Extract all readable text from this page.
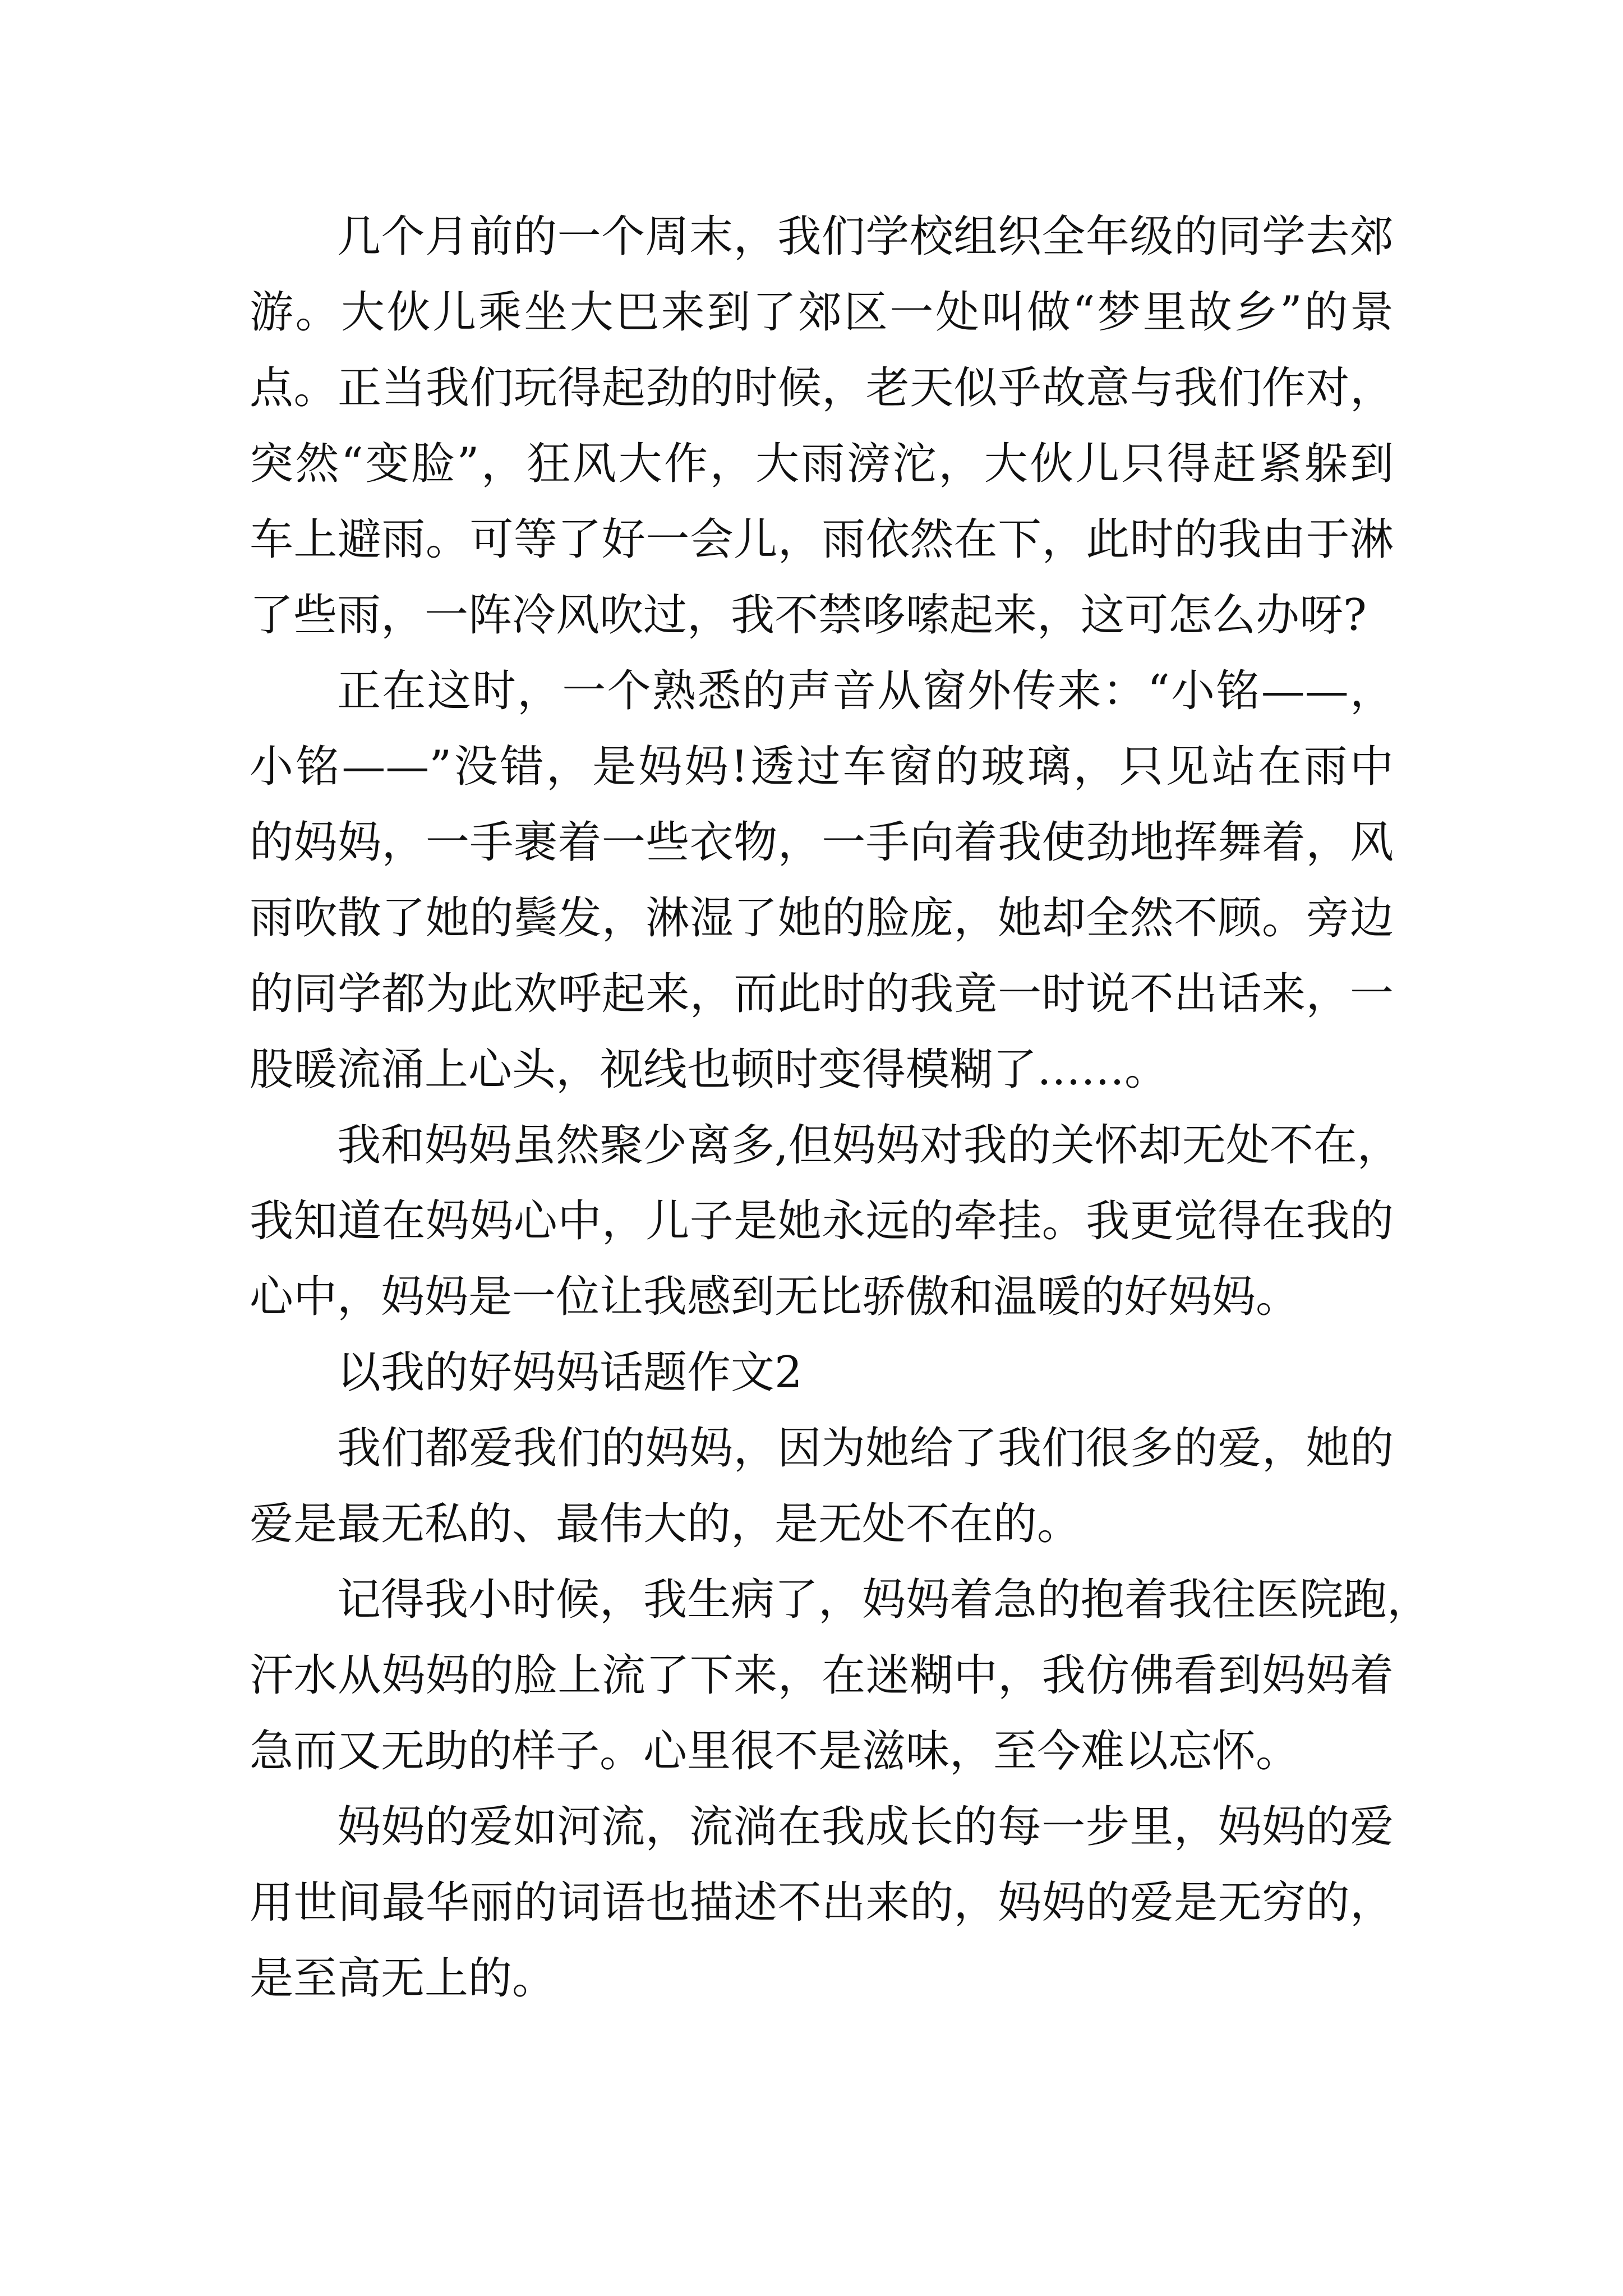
几个月前的一个周末，我们学校组织全年级的同学去郊
游。大伙儿乘坐大巴来到了郊区一处叫做“梦里故乡”的景
点。正当我们玩得起劲的时候，老天似乎故意与我们作对，
突然“变脸”，狂风大作，大雨滂沱，大伙儿只得赶紧躲到
车上避雨。可等了好一会儿，雨依然在下，此时的我由于淋
了些雨，一阵冷风吹过，我不禁哆嗦起来，这可怎么办呀?
正在这时，一个熟悉的声音从窗外传来：“小铭——，
小铭——”没错，是妈妈!透过车窗的玻璃，只见站在雨中
的妈妈，一手裹着一些衣物，一手向着我使劲地挥舞着，风
雨吹散了她的鬓发，淋湿了她的脸庞，她却全然不顾。旁边
的同学都为此欢呼起来，而此时的我竟一时说不出话来，一
股暖流涌上心头，视线也顿时变得模糊了……。
我和妈妈虽然聚少离多,但妈妈对我的关怀却无处不在，
我知道在妈妈心中，儿子是她永远的牵挂。我更觉得在我的
心中，妈妈是一位让我感到无比骄傲和温暖的好妈妈。
以我的好妈妈话题作文2
我们都爱我们的妈妈，因为她给了我们很多的爱，她的
爱是最无私的、最伟大的，是无处不在的。
记得我小时候，我生病了，妈妈着急的抱着我往医院跑，
汗水从妈妈的脸上流了下来，在迷糊中，我仿佛看到妈妈着
急而又无助的样子。心里很不是滋味，至今难以忘怀。
妈妈的爱如河流，流淌在我成长的每一步里，妈妈的爱
用世间最华丽的词语也描述不出来的，妈妈的爱是无穷的，
是至高无上的。
